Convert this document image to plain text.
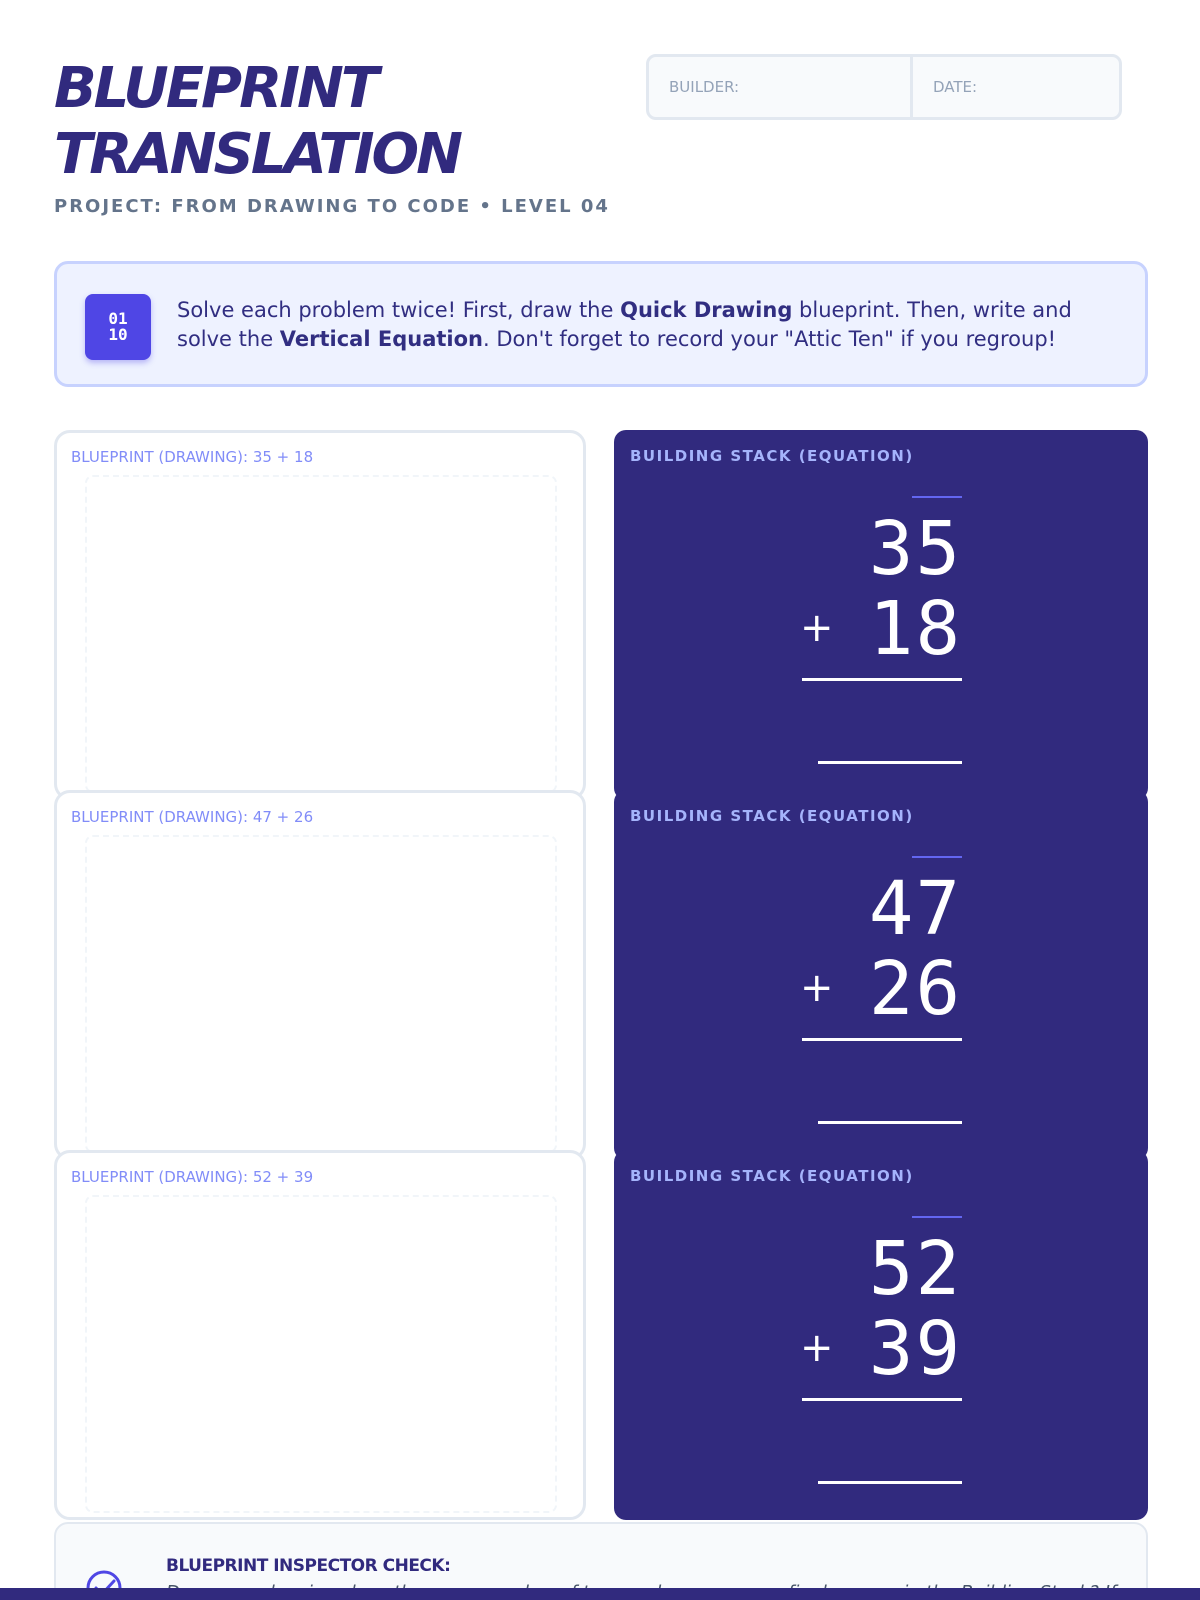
BLUEPRINT
TRANSLATION
PROJECT: FROM DRAWING TO CODE • LEVEL 04
BUILDER:	DATE:
01
10

Solve each problem twice! First, draw the Quick Drawing blueprint. Then, write and solve the Vertical Equation. Don't forget to record your "Attic Ten" if you regroup!

BLUEPRINT (DRAWING): 35 + 18	BUILDING STACK (EQUATION)
35
+ 18
BLUEPRINT (DRAWING): 47 + 26	BUILDING STACK (EQUATION)
47
+ 26
BLUEPRINT (DRAWING): 52 + 39	BUILDING STACK (EQUATION)
52
+ 39
BLUEPRINT INSPECTOR CHECK:
